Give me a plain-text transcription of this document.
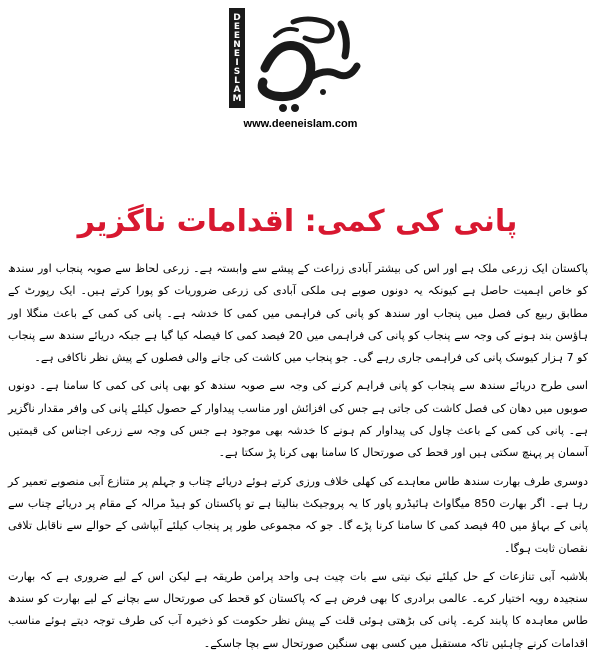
DEENEISLAM
www.deeneislam.com
پانی کی کمی: اقدامات ناگزیر

پاکستان ایک زرعی ملک ہے اور اس کی بیشتر آبادی زراعت کے پیشے سے وابستہ ہے۔ زرعی لحاظ سے صوبہ پنجاب اور سندھ کو خاص اہمیت حاصل ہے کیونکہ یہ دونوں صوبے ہی ملکی آبادی کی زرعی ضروریات کو پورا کرتے ہیں۔ ایک رپورٹ کے مطابق ربیع کی فصل میں پنجاب اور سندھ کو پانی کی فراہمی میں کمی کا خدشہ ہے۔ پانی کی کمی کے باعث منگلا اور ہاؤسن بند ہونے کی وجہ سے پنجاب کو پانی کی فراہمی میں 20 فیصد کمی کا فیصلہ کیا گیا ہے جبکہ دریائے سندھ سے پنجاب کو 7 ہزار کیوسک پانی کی فراہمی جاری رہے گی۔ جو پنجاب میں کاشت کی جانے والی فصلوں کے پیش نظر ناکافی ہے۔

اسی طرح دریائے سندھ سے پنجاب کو پانی فراہم کرنے کی وجہ سے صوبہ سندھ کو بھی پانی کی کمی کا سامنا ہے۔ دونوں صوبوں میں دھان کی فصل کاشت کی جاتی ہے جس کی افزائش اور مناسب پیداوار کے حصول کیلئے پانی کی وافر مقدار ناگزیر ہے۔ پانی کی کمی کے باعث چاول کی پیداوار کم ہونے کا خدشہ بھی موجود ہے جس کی وجہ سے زرعی اجناس کی قیمتیں آسمان پر پہنچ سکتی ہیں اور قحط کی صورتحال کا سامنا بھی کرنا پڑ سکتا ہے۔

دوسری طرف بھارت سندھ طاس معاہدے کی کھلی خلاف ورزی کرتے ہوئے دریائے چناب و جہلم پر متنازع آبی منصوبے تعمیر کر رہا ہے۔ اگر بھارت 850 میگاواٹ ہائیڈرو پاور کا یہ پروجیکٹ بنالیتا ہے تو پاکستان کو ہیڈ مرالہ کے مقام پر دریائے چناب سے پانی کے بہاؤ میں 40 فیصد کمی کا سامنا کرنا پڑے گا۔ جو کہ مجموعی طور پر پنجاب کیلئے آبپاشی کے حوالے سے ناقابل تلافی نقصان ثابت ہوگا۔

بلاشبہ آبی تنازعات کے حل کیلئے نیک نیتی سے بات چیت ہی واحد پرامن طریقہ ہے لیکن اس کے لیے ضروری ہے کہ بھارت سنجیدہ رویہ اختیار کرے۔ عالمی برادری کا بھی فرض ہے کہ پاکستان کو قحط کی صورتحال سے بچانے کے لیے بھارت کو سندھ طاس معاہدہ کا پابند کرے۔ پانی کی بڑھتی ہوئی قلت کے پیش نظر حکومت کو ذخیرہ آب کی طرف توجہ دیتے ہوئے مناسب اقدامات کرنے چاہئیں تاکہ مستقبل میں کسی بھی سنگین صورتحال سے بچا جاسکے۔
